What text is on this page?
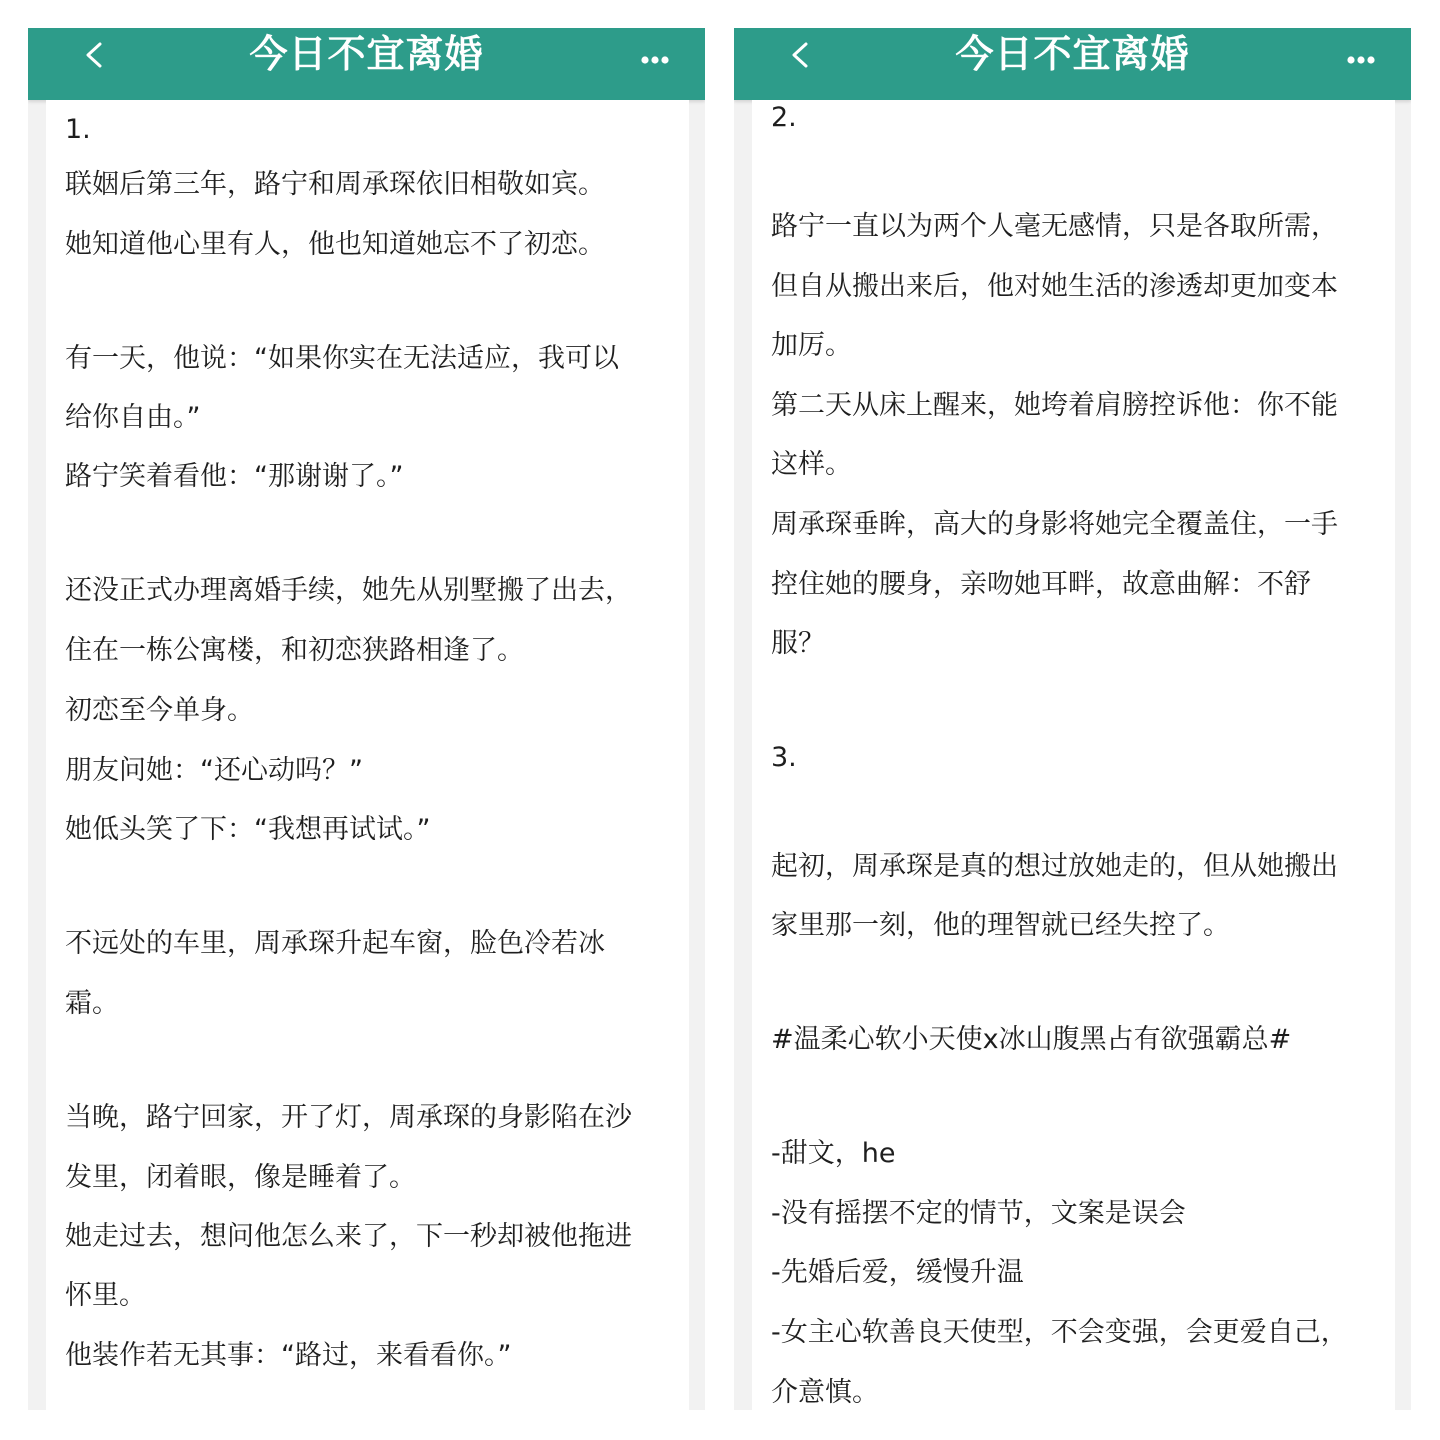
今日不宜离婚
1.
联姻后第三年，路宁和周承琛依旧相敬如宾。
她知道他心里有人，他也知道她忘不了初恋。
有一天，他说：“如果你实在无法适应，我可以
给你自由。”
路宁笑着看他：“那谢谢了。”
还没正式办理离婚手续，她先从别墅搬了出去，
住在一栋公寓楼，和初恋狭路相逢了。
初恋至今单身。
朋友问她：“还心动吗？”
她低头笑了下：“我想再试试。”
不远处的车里，周承琛升起车窗，脸色冷若冰
霜。
当晚，路宁回家，开了灯，周承琛的身影陷在沙
发里，闭着眼，像是睡着了。
她走过去，想问他怎么来了，下一秒却被他拖进
怀里。
他装作若无其事：“路过，来看看你。”
今日不宜离婚
2.
路宁一直以为两个人毫无感情，只是各取所需，
但自从搬出来后，他对她生活的渗透却更加变本
加厉。
第二天从床上醒来，她垮着肩膀控诉他：你不能
这样。
周承琛垂眸，高大的身影将她完全覆盖住，一手
控住她的腰身，亲吻她耳畔，故意曲解：不舒
服？
3.
起初，周承琛是真的想过放她走的，但从她搬出
家里那一刻，他的理智就已经失控了。
#温柔心软小天使x冰山腹黑占有欲强霸总#
-甜文，he
-没有摇摆不定的情节，文案是误会
-先婚后爱，缓慢升温
-女主心软善良天使型，不会变强，会更爱自己，
介意慎。
